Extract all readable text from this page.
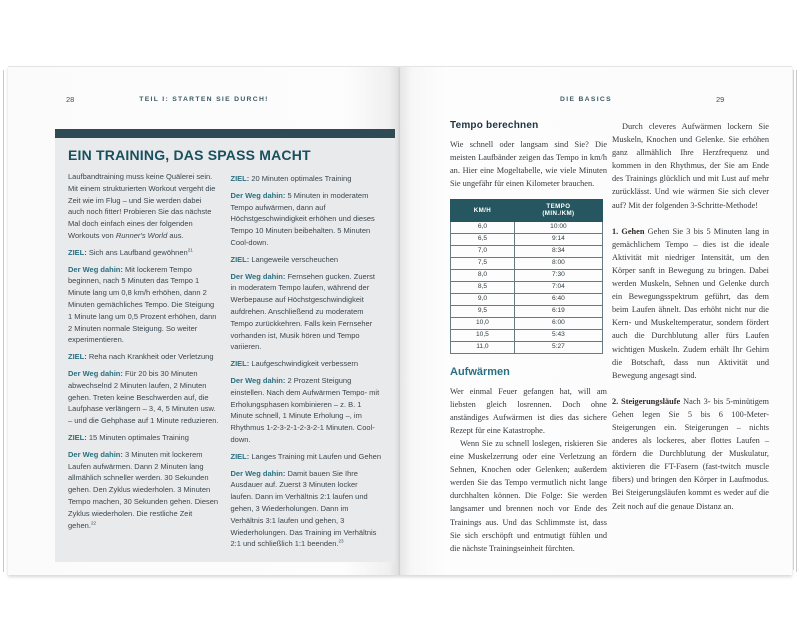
28	TEIL I: STARTEN SIE DURCH!
EIN TRAINING, DAS SPASS MACHT

Laufbandtraining muss keine Quälerei sein. Mit einem strukturierten Workout vergeht die Zeit wie im Flug – und Sie werden dabei auch noch fitter! Probieren Sie das nächste Mal doch einfach eines der folgenden Workouts von Runner's World aus.

ZIEL: Sich ans Laufband gewöhnen$^{21}$

Der Weg dahin: Mit lockerem Tempo beginnen, nach 5 Minuten das Tempo 1 Minute lang um 0,8 km/h erhöhen, dann 2 Minuten gemächliches Tempo. Die Steigung 1 Minute lang um 0,5 Prozent erhöhen, dann 2 Minuten normale Steigung. So weiter experimentieren.

ZIEL: Reha nach Krankheit oder Verletzung

Der Weg dahin: Für 20 bis 30 Minuten abwechselnd 2 Minuten laufen, 2 Minuten gehen. Treten keine Beschwerden auf, die Laufphase verlängern – 3, 4, 5 Minuten usw. – und die Gehphase auf 1 Minute reduzieren.

ZIEL: 15 Minuten optimales Training

Der Weg dahin: 3 Minuten mit lockerem Laufen aufwärmen. Dann 2 Minuten lang allmählich schneller werden. 30 Sekunden gehen. Den Zyklus wiederholen. 3 Minuten Tempo machen, 30 Sekunden gehen. Diesen Zyklus wiederholen. Die restliche Zeit gehen.$^{22}$

ZIEL: 20 Minuten optimales Training

Der Weg dahin: 5 Minuten in moderatem Tempo aufwärmen, dann auf Höchstgeschwindigkeit erhöhen und dieses Tempo 10 Minuten beibehalten. 5 Minuten Cool-down.

ZIEL: Langeweile verscheuchen

Der Weg dahin: Fernsehen gucken. Zuerst in moderatem Tempo laufen, während der Werbepause auf Höchstgeschwindigkeit aufdrehen. Anschließend zu moderatem Tempo zurückkehren. Falls kein Fernseher vorhanden ist, Musik hören und Tempo variieren.

ZIEL: Laufgeschwindigkeit verbessern

Der Weg dahin: 2 Prozent Steigung einstellen. Nach dem Aufwärmen Tempo- mit Erholungsphasen kombinieren – z. B. 1 Minute schnell, 1 Minute Erholung –, im Rhythmus 1-2-3-2-1-2-3-2-1 Minuten. Cool-down.

ZIEL: Langes Training mit Laufen und Gehen

Der Weg dahin: Damit bauen Sie Ihre Ausdauer auf. Zuerst 3 Minuten locker laufen. Dann im Verhältnis 2:1 laufen und gehen, 3 Wiederholungen. Dann im Verhältnis 3:1 laufen und gehen, 3 Wiederholungen. Das Training im Verhältnis 2:1 und schließlich 1:1 beenden.$^{23}$

DIE BASICS	29
Tempo berechnen

Wie schnell oder langsam sind Sie? Die meisten Laufbänder zeigen das Tempo in km/h an. Hier eine Mogeltabelle, wie viele Minuten Sie ungefähr für einen Kilometer brauchen.

KM/H	TEMPO
(MIN./KM)
6,0	10:00
6,5	9:14
7,0	8:34
7,5	8:00
8,0	7:30
8,5	7:04
9,0	6:40
9,5	6:19
10,0	6:00
10,5	5:43
11,0	5:27
Aufwärmen

Wer einmal Feuer gefangen hat, will am liebsten gleich losrennen. Doch ohne anständiges Aufwärmen ist dies das sichere Rezept für eine Katastrophe.

Wenn Sie zu schnell loslegen, riskieren Sie eine Muskelzerrung oder eine Verletzung an Sehnen, Knochen oder Gelenken; außerdem werden Sie das Tempo vermutlich nicht lange durchhalten können. Die Folge: Sie werden langsamer und brennen noch vor Ende des Trainings aus. Und das Schlimmste ist, dass Sie sich erschöpft und entmutigt fühlen und die nächste Trainingseinheit fürchten.

Durch cleveres Aufwärmen lockern Sie Muskeln, Knochen und Gelenke. Sie erhöhen ganz allmählich Ihre Herzfrequenz und kommen in den Rhythmus, der Sie am Ende des Trainings glücklich und mit Lust auf mehr zurücklässt. Und wie wärmen Sie sich clever auf? Mit der folgenden 3-Schritte-Methode!

1. Gehen Gehen Sie 3 bis 5 Minuten lang in gemächlichem Tempo – dies ist die ideale Aktivität mit niedriger Intensität, um den Körper sanft in Bewegung zu bringen. Dabei werden Muskeln, Sehnen und Gelenke durch ein Bewegungsspektrum geführt, das dem beim Laufen ähnelt. Das erhöht nicht nur die Kern- und Muskeltemperatur, sondern fördert auch die Durchblutung aller fürs Laufen wichtigen Muskeln. Zudem erhält Ihr Gehirn die Botschaft, dass nun Aktivität und Bewegung angesagt sind.

2. Steigerungsläufe Nach 3- bis 5-minütigem Gehen legen Sie 5 bis 6 100-Meter-Steigerungen ein. Steigerungen – nichts anderes als lockeres, aber flottes Laufen – fördern die Durchblutung der Muskulatur, aktivieren die FT-Fasern (fast-twitch muscle fibers) und bringen den Körper in Laufmodus. Bei Steigerungsläufen kommt es weder auf die Zeit noch auf die genaue Distanz an.
